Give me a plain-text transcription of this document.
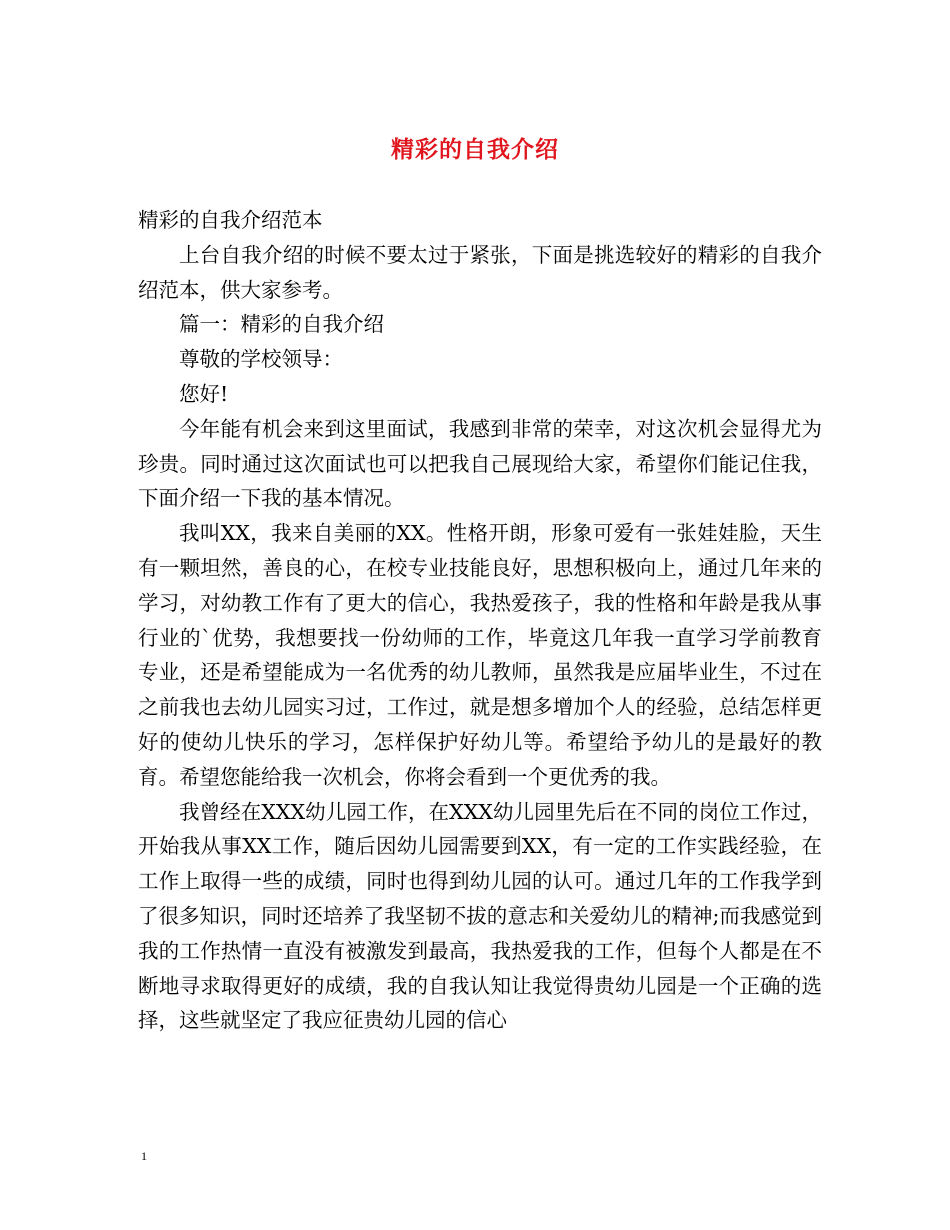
精彩的自我介绍

精彩的自我介绍范本

上台自我介绍的时候不要太过于紧张，下面是挑选较好的精彩的自我介绍范本，供大家参考。

篇一：精彩的自我介绍

尊敬的学校领导：

您好!

今年能有机会来到这里面试，我感到非常的荣幸，对这次机会显得尤为珍贵。同时通过这次面试也可以把我自己展现给大家，希望你们能记住我，下面介绍一下我的基本情况。

我叫XX，我来自美丽的XX。性格开朗，形象可爱有一张娃娃脸，天生有一颗坦然，善良的心，在校专业技能良好，思想积极向上，通过几年来的学习，对幼教工作有了更大的信心，我热爱孩子，我的性格和年龄是我从事行业的`优势，我想要找一份幼师的工作，毕竟这几年我一直学习学前教育专业，还是希望能成为一名优秀的幼儿教师，虽然我是应届毕业生，不过在之前我也去幼儿园实习过，工作过，就是想多增加个人的经验，总结怎样更好的使幼儿快乐的学习，怎样保护好幼儿等。希望给予幼儿的是最好的教育。希望您能给我一次机会，你将会看到一个更优秀的我。

我曾经在XXX幼儿园工作，在XXX幼儿园里先后在不同的岗位工作过，开始我从事XX工作，随后因幼儿园需要到XX，有一定的工作实践经验，在工作上取得一些的成绩，同时也得到幼儿园的认可。通过几年的工作我学到了很多知识，同时还培养了我坚韧不拔的意志和关爱幼儿的精神;而我感觉到我的工作热情一直没有被激发到最高，我热爱我的工作，但每个人都是在不断地寻求取得更好的成绩，我的自我认知让我觉得贵幼儿园是一个正确的选择，这些就坚定了我应征贵幼儿园的信心

1
